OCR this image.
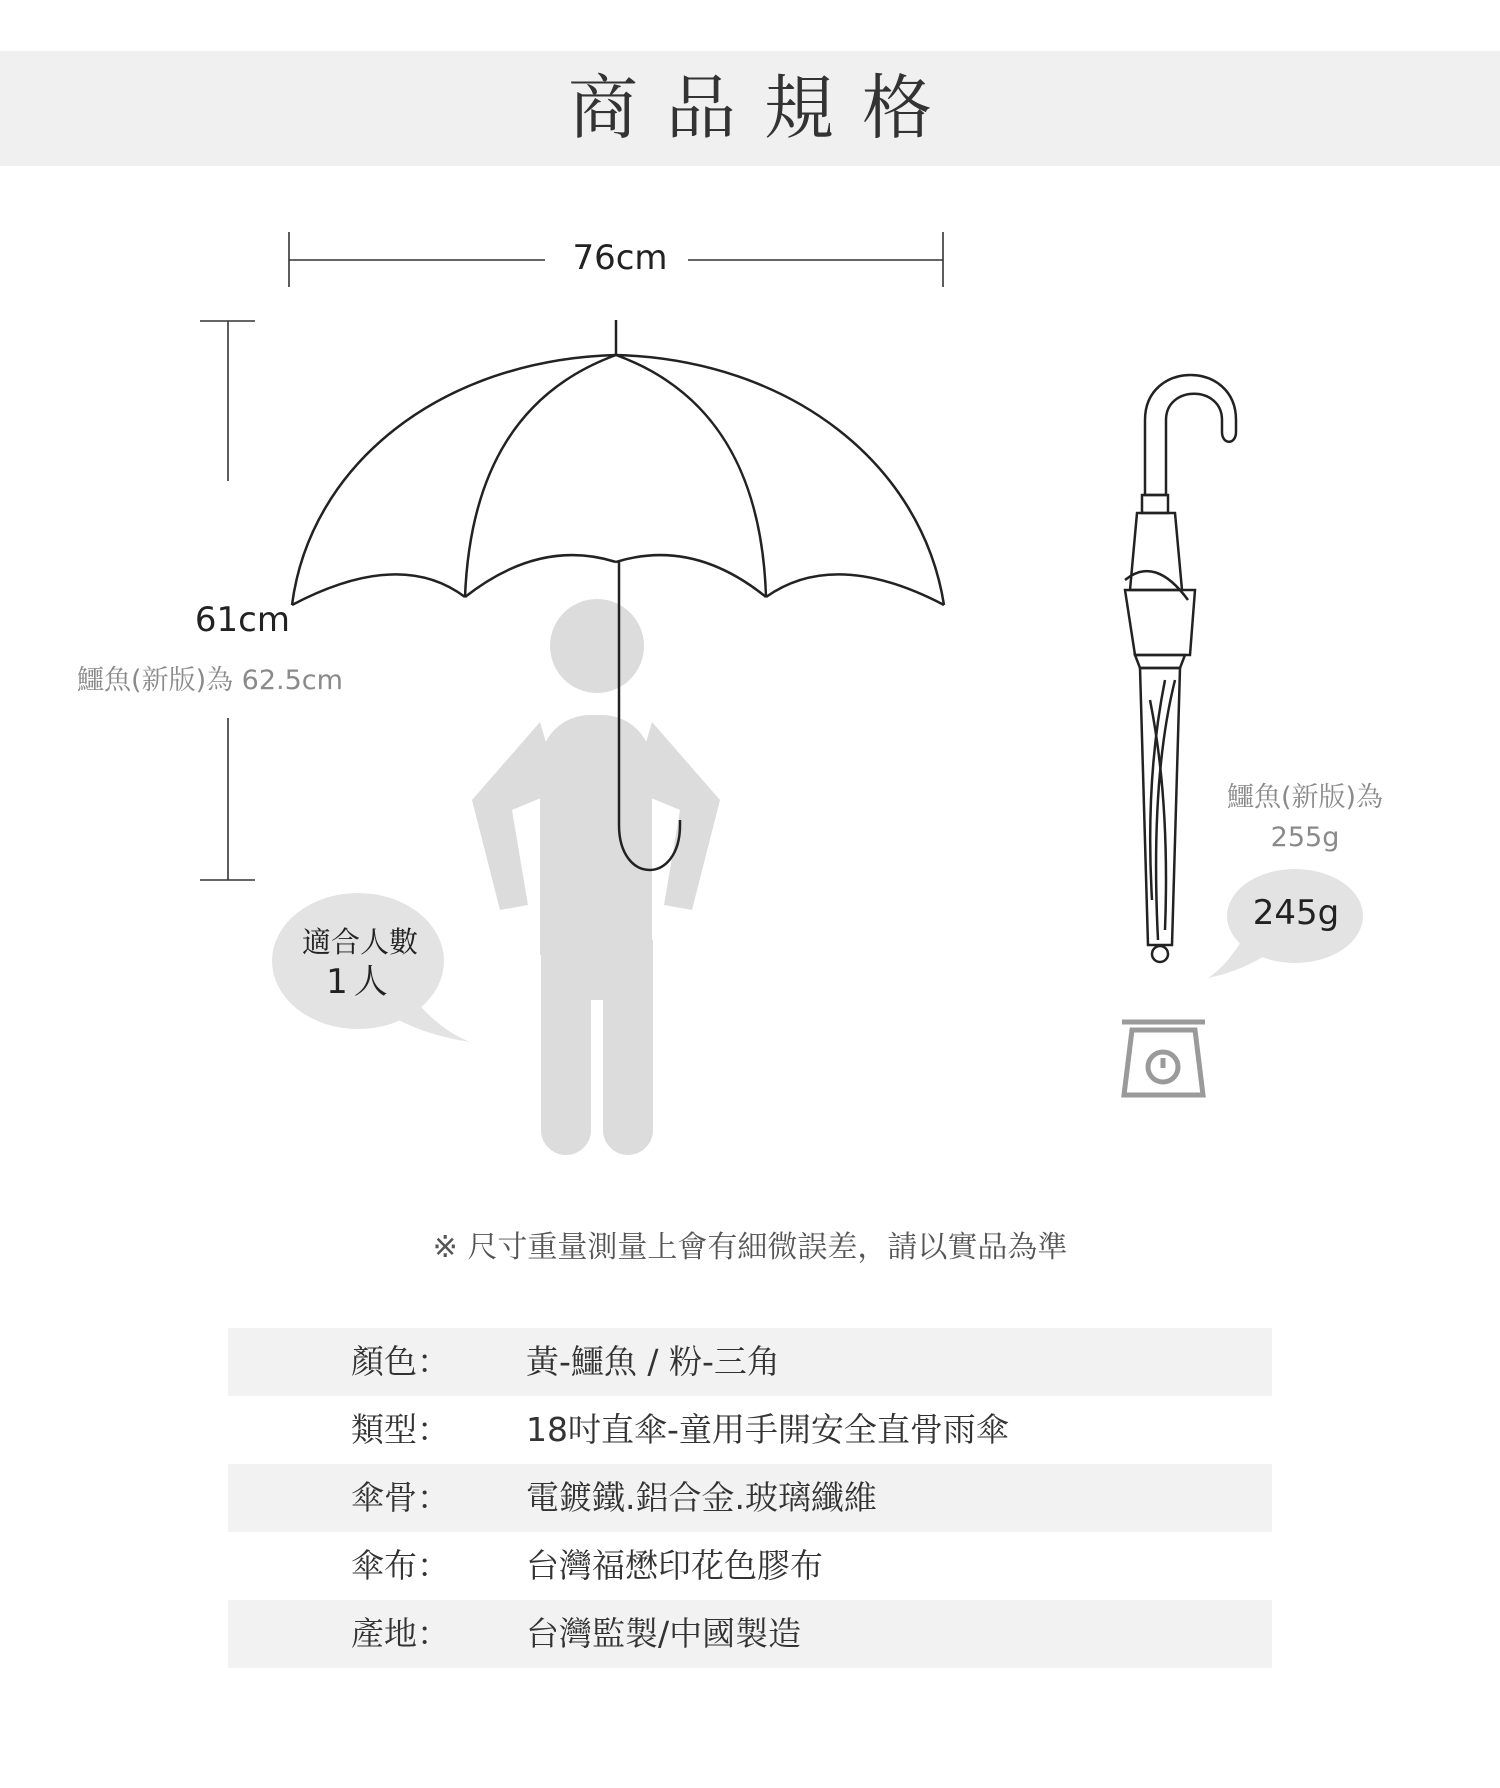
商品規格
76cm
61cm
鱷魚(新版)為 62.5cm
適合人數
1人
鱷魚(新版)為
255g
245g
※ 尺寸重量測量上會有細微誤差，請以實品為準
顏色： 黃-鱷魚 / 粉-三角
類型： 18吋直傘-童用手開安全直骨雨傘
傘骨： 電鍍鐵.鋁合金.玻璃纖維
傘布： 台灣福懋印花色膠布
產地： 台灣監製/中國製造
